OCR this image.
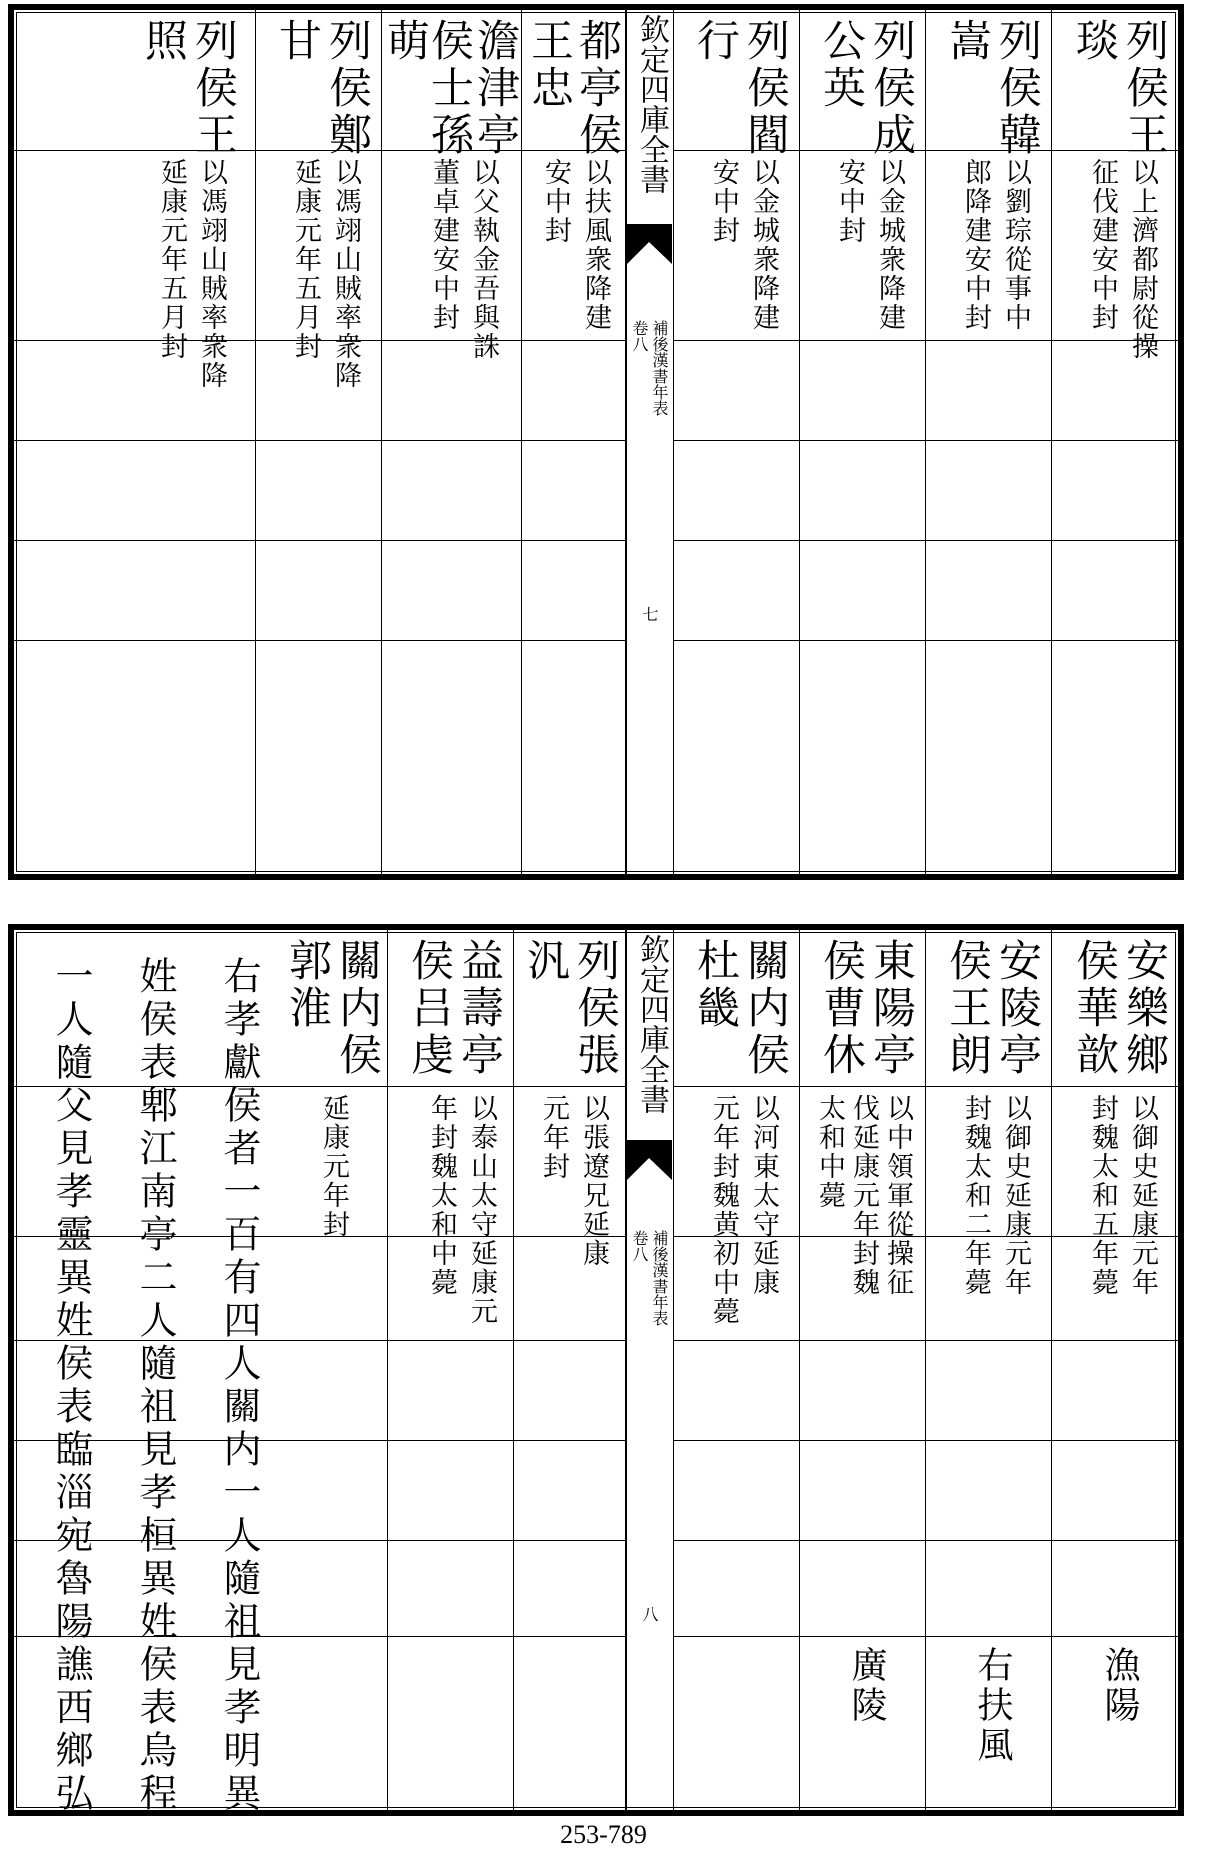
列侯王
琰
以上濟都尉從操
征伐建安中封
列侯韓
嵩
以劉琮從事中
郎降建安中封
列侯成
公英
以金城衆降建
安中封
列侯閻
行
以金城衆降建
安中封
欽定四庫全書
補後漢書年表
卷八
七
都亭侯
王忠
以扶風衆降建
安中封
澹津亭
侯士孫
萌
以父執金吾與誅
董卓建安中封
列侯鄭
甘
以馮翊山賊率衆降
延康元年五月封
列侯王
照
以馮翊山賊率衆降
延康元年五月封
安樂鄉
侯華歆
以御史延康元年
封魏太和五年薨
漁陽
安陵亭
侯王朗
以御史延康元年
封魏太和二年薨
右扶風
東陽亭
侯曹休
以中領軍從操征
伐延康元年封魏
太和中薨
廣陵
關内侯
杜畿
以河東太守延康
元年封魏黄初中薨
欽定四庫全書
補後漢書年表
卷八
八
列侯張
汎
以張遼兄延康
元年封
益壽亭
侯吕虔
以泰山太守延康元
年封魏太和中薨
關内侯
郭淮
延康元年封
右孝獻侯者一百有四人關内一人隨祖見孝明異
姓侯表郫江南亭二人隨祖見孝桓異姓侯表烏程
一人隨父見孝靈異姓侯表臨淄宛魯陽譙西鄉弘
253-789
